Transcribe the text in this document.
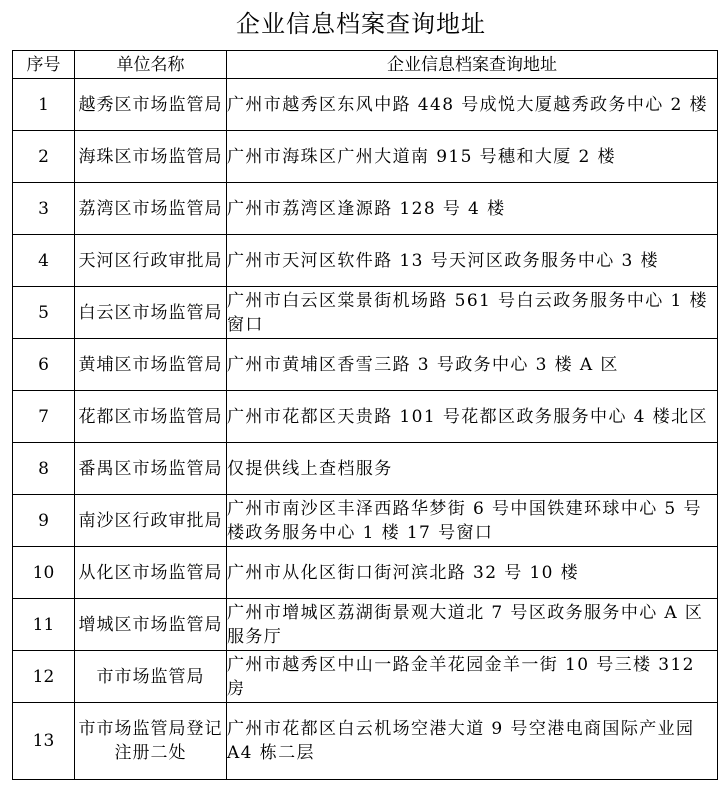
企业信息档案查询地址
序号	单位名称	企业信息档案查询地址
1	越秀区市场监管局	广州市越秀区东风中路 448 号成悦大厦越秀政务中心 2 楼
2	海珠区市场监管局	广州市海珠区广州大道南 915 号穗和大厦 2 楼
3	荔湾区市场监管局	广州市荔湾区逢源路 128 号 4 楼
4	天河区行政审批局	广州市天河区软件路 13 号天河区政务服务中心 3 楼
5	白云区市场监管局	广州市白云区棠景街机场路 561 号白云政务服务中心 1 楼窗口
6	黄埔区市场监管局	广州市黄埔区香雪三路 3 号政务中心 3 楼 A 区
7	花都区市场监管局	广州市花都区天贵路 101 号花都区政务服务中心 4 楼北区
8	番禺区市场监管局	仅提供线上查档服务
9	南沙区行政审批局	广州市南沙区丰泽西路华梦街 6 号中国铁建环球中心 5 号楼政务服务中心 1 楼 17 号窗口
10	从化区市场监管局	广州市从化区街口街河滨北路 32 号 10 楼
11	增城区市场监管局	广州市增城区荔湖街景观大道北 7 号区政务服务中心 A 区服务厅
12	市市场监管局	广州市越秀区中山一路金羊花园金羊一街 10 号三楼 312 房
13	市市场监管局登记注册二处	广州市花都区白云机场空港大道 9 号空港电商国际产业园 A4 栋二层
